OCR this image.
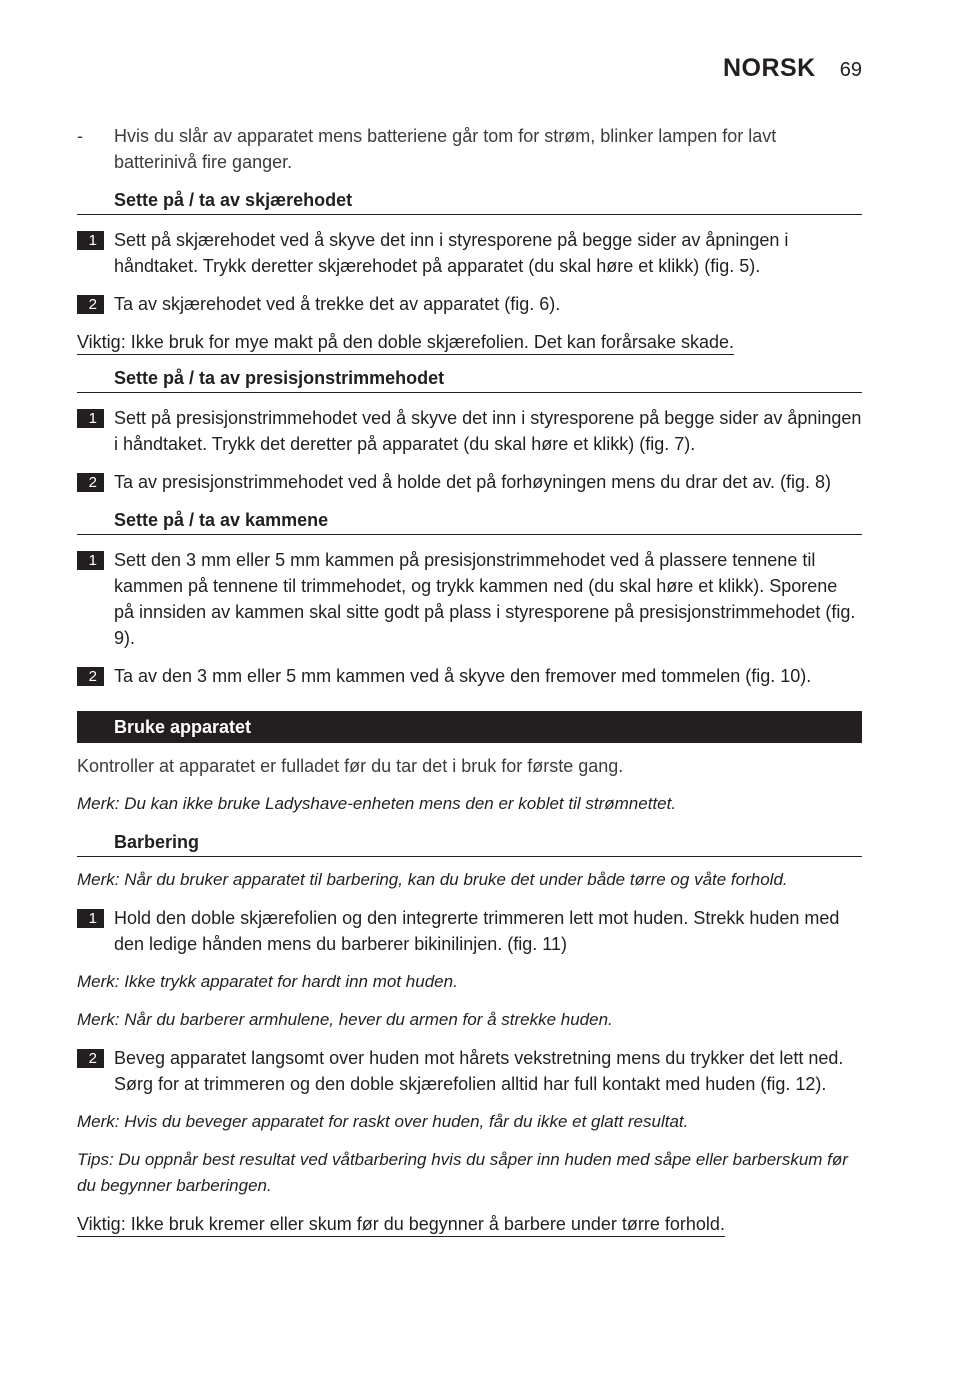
NORSK 69
- Hvis du slår av apparatet mens batteriene går tom for strøm, blinker lampen for lavt batterinivå fire ganger.
Sette på / ta av skjærehodet
1 Sett på skjærehodet ved å skyve det inn i styresporene på begge sider av åpningen i håndtaket. Trykk deretter skjærehodet på apparatet (du skal høre et klikk) (fig. 5).
2 Ta av skjærehodet ved å trekke det av apparatet (fig. 6).
Viktig: Ikke bruk for mye makt på den doble skjærefolien. Det kan forårsake skade.
Sette på / ta av presisjonstrimmehodet
1 Sett på presisjonstrimmehodet ved å skyve det inn i styresporene på begge sider av åpningen i håndtaket. Trykk det deretter på apparatet (du skal høre et klikk) (fig. 7).
2 Ta av presisjonstrimmehodet ved å holde det på forhøyningen mens du drar det av. (fig. 8)
Sette på / ta av kammene
1 Sett den 3 mm eller 5 mm kammen på presisjonstrimmehodet ved å plassere tennene til kammen på tennene til trimmehodet, og trykk kammen ned (du skal høre et klikk). Sporene på innsiden av kammen skal sitte godt på plass i styresporene på presisjonstrimmehodet (fig. 9).
2 Ta av den 3 mm eller 5 mm kammen ved å skyve den fremover med tommelen (fig. 10).
Bruke apparatet
Kontroller at apparatet er fulladet før du tar det i bruk for første gang.
Merk: Du kan ikke bruke Ladyshave-enheten mens den er koblet til strømnettet.
Barbering
Merk: Når du bruker apparatet til barbering, kan du bruke det under både tørre og våte forhold.
1 Hold den doble skjærefolien og den integrerte trimmeren lett mot huden. Strekk huden med den ledige hånden mens du barberer bikinilinjen. (fig. 11)
Merk: Ikke trykk apparatet for hardt inn mot huden.
Merk: Når du barberer armhulene, hever du armen for å strekke huden.
2 Beveg apparatet langsomt over huden mot hårets vekstretning mens du trykker det lett ned. Sørg for at trimmeren og den doble skjærefolien alltid har full kontakt med huden (fig. 12).
Merk: Hvis du beveger apparatet for raskt over huden, får du ikke et glatt resultat.
Tips: Du oppnår best resultat ved våtbarbering hvis du såper inn huden med såpe eller barberskum før du begynner barberingen.
Viktig: Ikke bruk kremer eller skum før du begynner å barbere under tørre forhold.
